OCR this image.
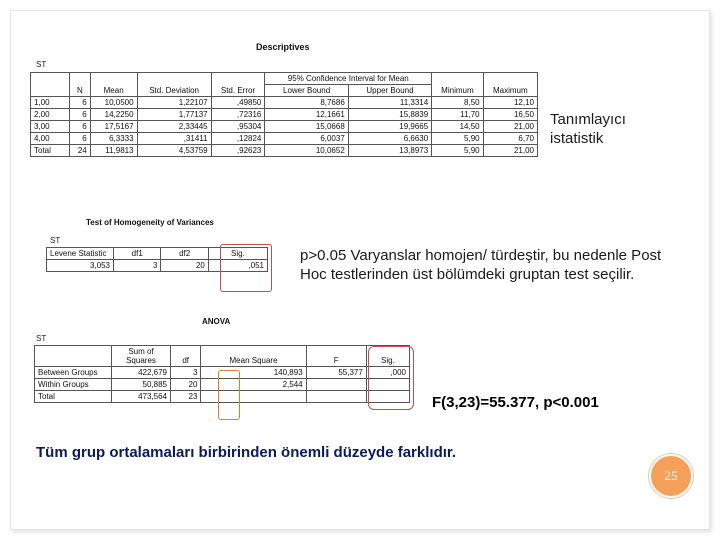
Descriptives
ST
	N	Mean	Std. Deviation	Std. Error	95% Confidence Interval for Mean		Minimum	Maximum
					Lower Bound	Upper Bound		
1,00	6	10,0500	1,22107	,49850	8,7686	11,3314	8,50	12,10
2,00	6	14,2250	1,77137	,72316	12,1661	15,8839	11,70	16,50
3,00	6	17,5167	2,33445	,95304	15,0668	19,9665	14,50	21,00
4,00	6	6,3333	,31411	,12824	6,0037	6,6630	5,90	6,70
Total	24	11,9813	4,53759	,92623	10,0652	13,8973	5,90	21,00
Tanımlayıcı istatistik
Test of Homogeneity of Variances
ST
Levene Statistic	df1	df2	Sig.
3,053	3	20	,051
p>0.05 Varyanslar homojen/ türdeştir, bu nedenle Post Hoc testlerinden üst bölümdeki gruptan test seçilir.
ANOVA
ST
	Sum of Squares	df	Mean Square	F	Sig.
Between Groups	422,679	3	140,893	55,377	,000
Within Groups	50,885	20	2,544		
Total	473,564	23				F(3,23)=55.377, p<0.001
Tüm grup ortalamaları birbirinden önemli düzeyde farklıdır.
25
